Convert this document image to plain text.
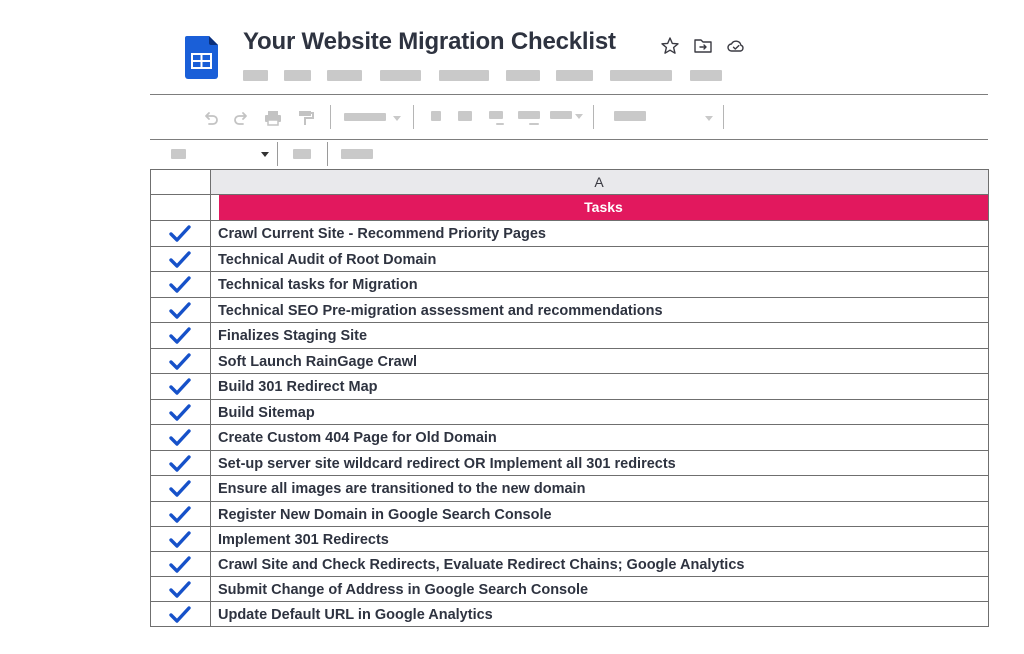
Your Website Migration Checklist
A
Tasks
Crawl Current Site - Recommend Priority Pages
Technical Audit of Root Domain
Technical tasks for Migration
Technical SEO Pre-migration assessment and recommendations
Finalizes Staging Site
Soft Launch RainGage Crawl
Build 301 Redirect Map
Build Sitemap
Create Custom 404 Page for Old Domain
Set-up server site wildcard redirect OR Implement all 301 redirects
Ensure all images are transitioned to the new domain
Register New Domain in Google Search Console
Implement 301 Redirects
Crawl Site and Check Redirects, Evaluate Redirect Chains; Google Analytics
Submit Change of Address in Google Search Console
Update Default URL in Google Analytics
